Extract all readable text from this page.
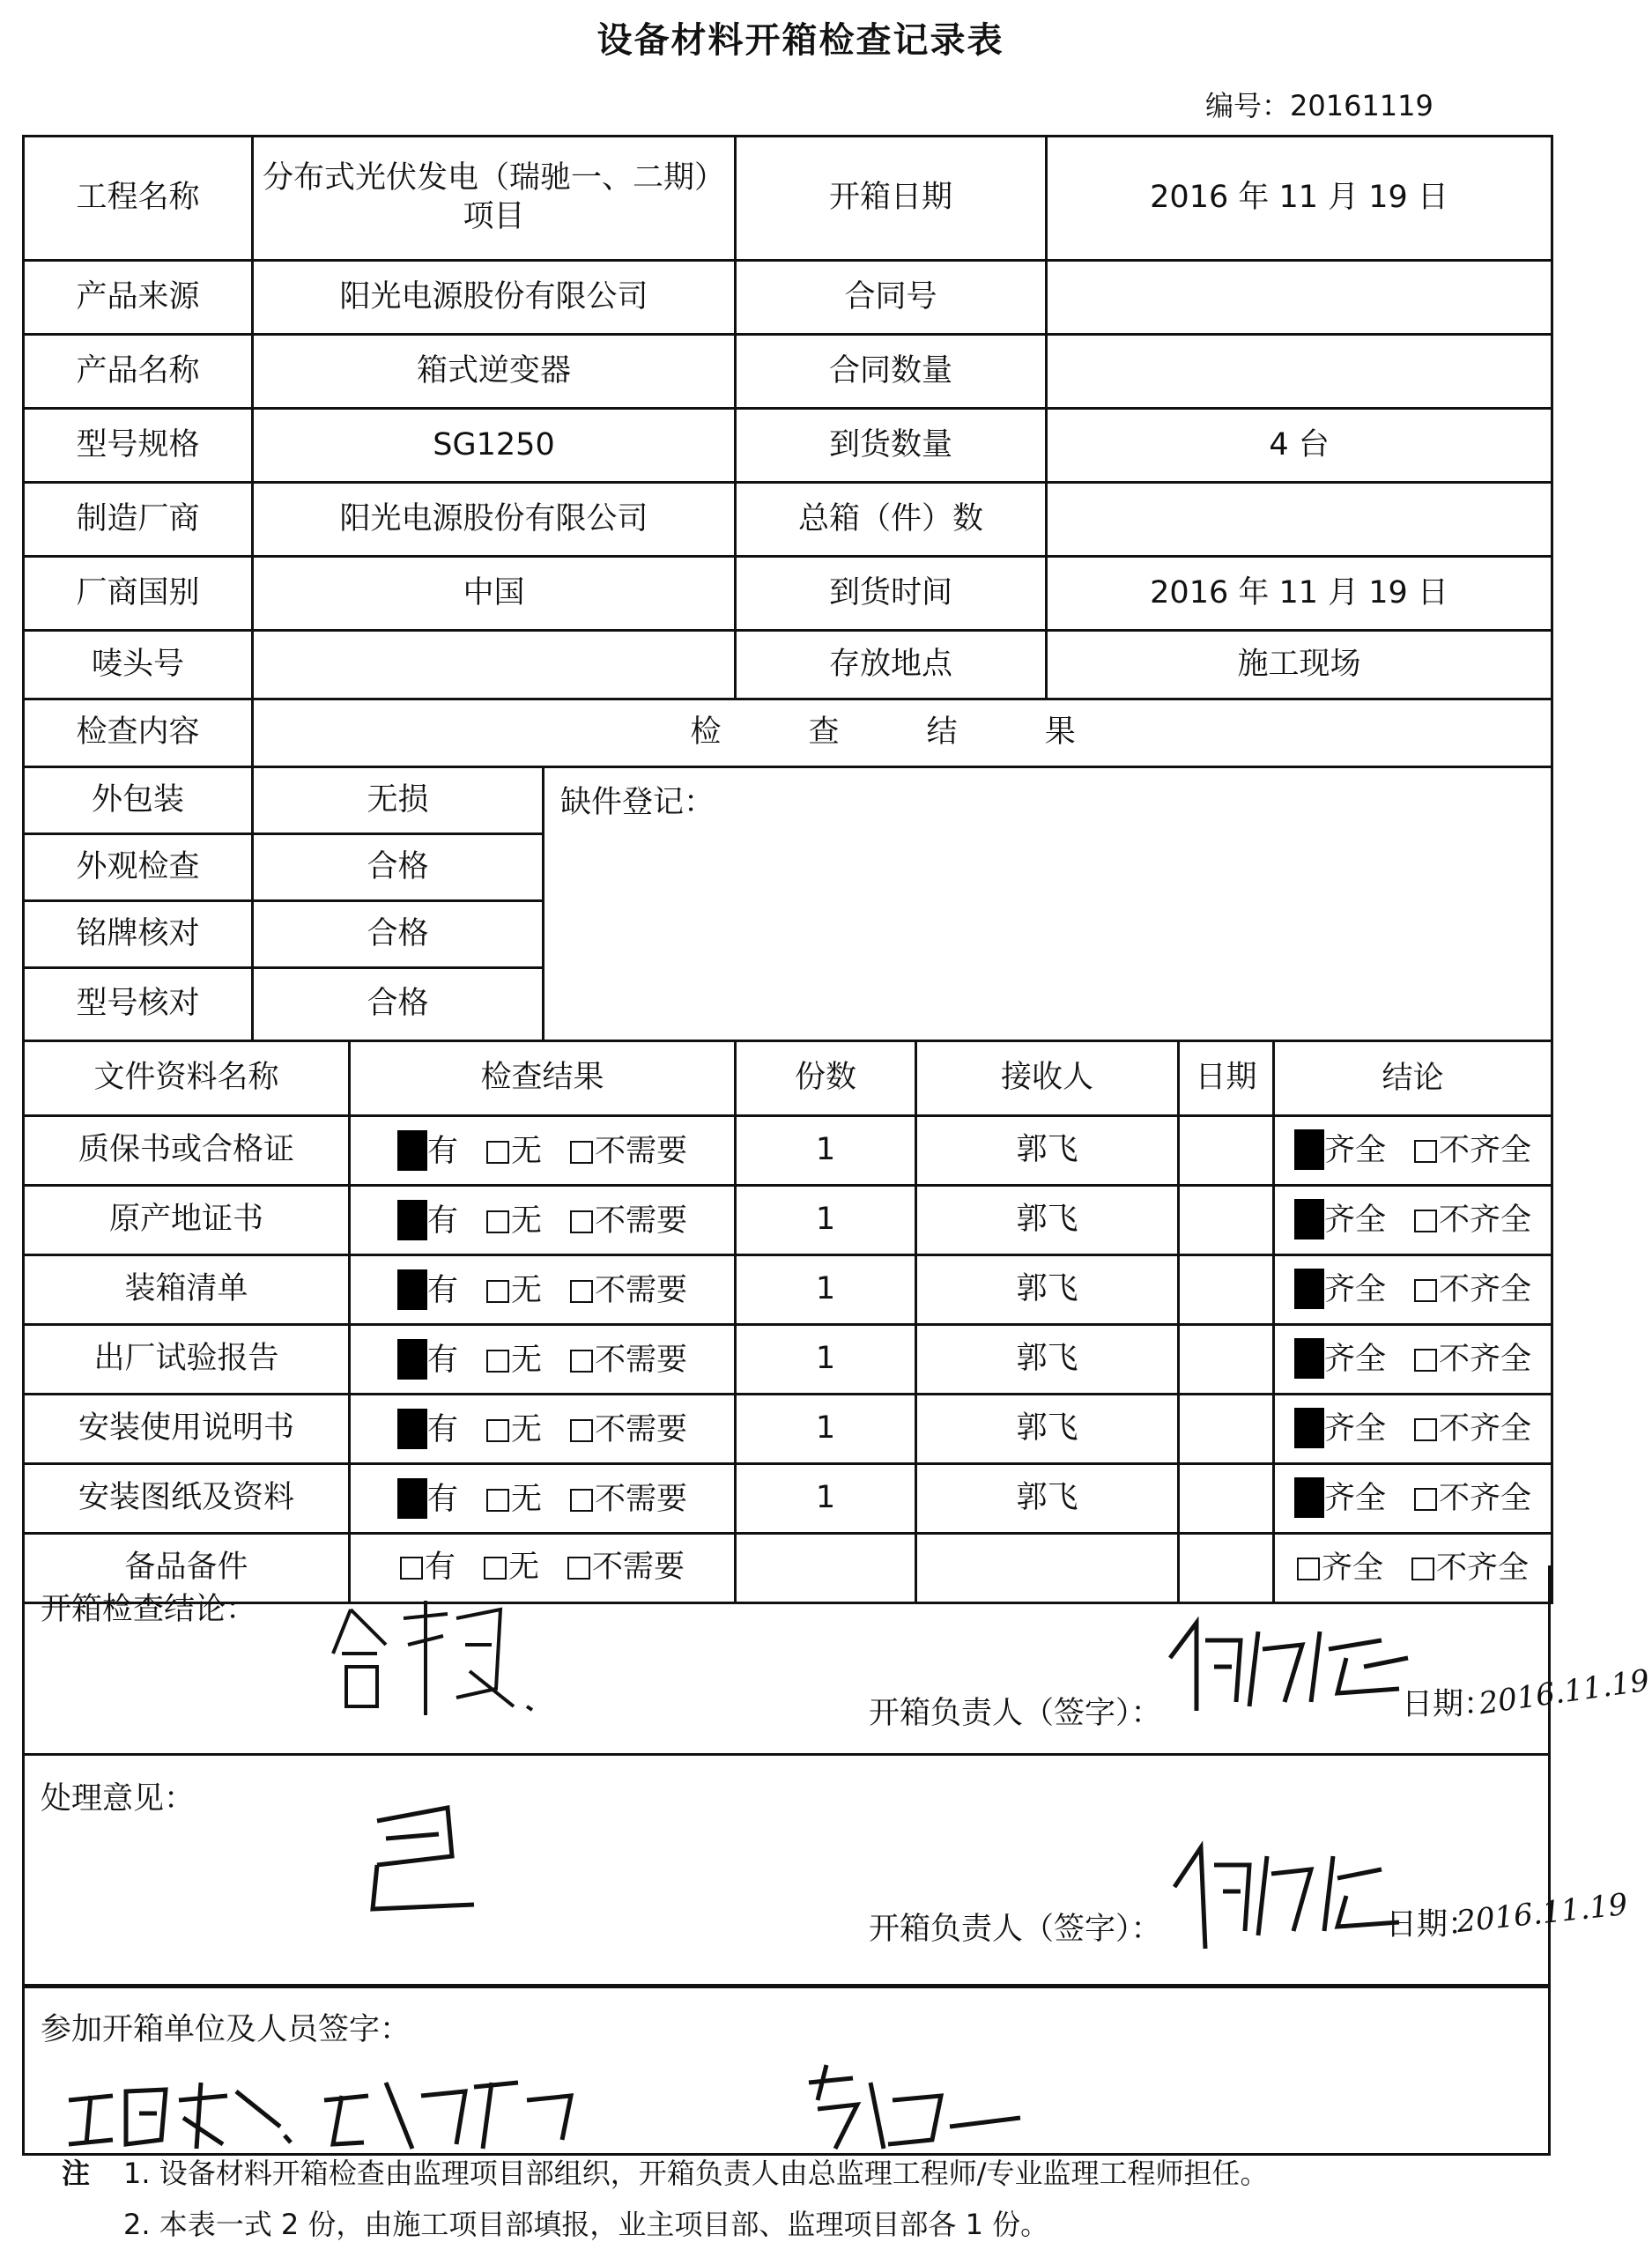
设备材料开箱检查记录表
编号：20161119
工程名称	分布式光伏发电（瑞驰一、二期）项目			开箱日期		2016 年 11 月 19 日	
产品来源	阳光电源股份有限公司			合同号			
产品名称	箱式逆变器			合同数量			
型号规格	SG1250			到货数量		4 台	
制造厂商	阳光电源股份有限公司			总箱（件）数			
厂商国别	中国			到货时间		2016 年 11 月 19 日	
唛头号				存放地点		施工现场	
检查内容	检 查 结 果						
外包装	无损		缺件登记：				
外观检查	合格						
铭牌核对	合格						
型号核对	合格						
文件资料名称		检查结果		份数	接收人		日期 结论

质保书或合格证		有 无 不需要		1	郭飞		齐全 不齐全

原产地证书		有 无 不需要		1	郭飞		齐全 不齐全

装箱清单		有 无 不需要		1	郭飞		齐全 不齐全

出厂试验报告		有 无 不需要		1	郭飞		齐全 不齐全

安装使用说明书		有 无 不需要		1	郭飞		齐全 不齐全

安装图纸及资料		有 无 不需要		1	郭飞		齐全 不齐全

备品备件		有 无 不需要					齐全 不齐全
开箱检查结论：
合格
开箱负责人（签字）：
何成波
日期：
2016.11.19
处理意见：	已
开箱负责人（签字）：
何成波
日期：
2016.11.19
参加开箱单位及人员签字：
注 1. 设备材料开箱检查由监理项目部组织，开箱负责人由总监理工程师/专业监理工程师担任。
2. 本表一式 2 份，由施工项目部填报，业主项目部、监理项目部各 1 份。
